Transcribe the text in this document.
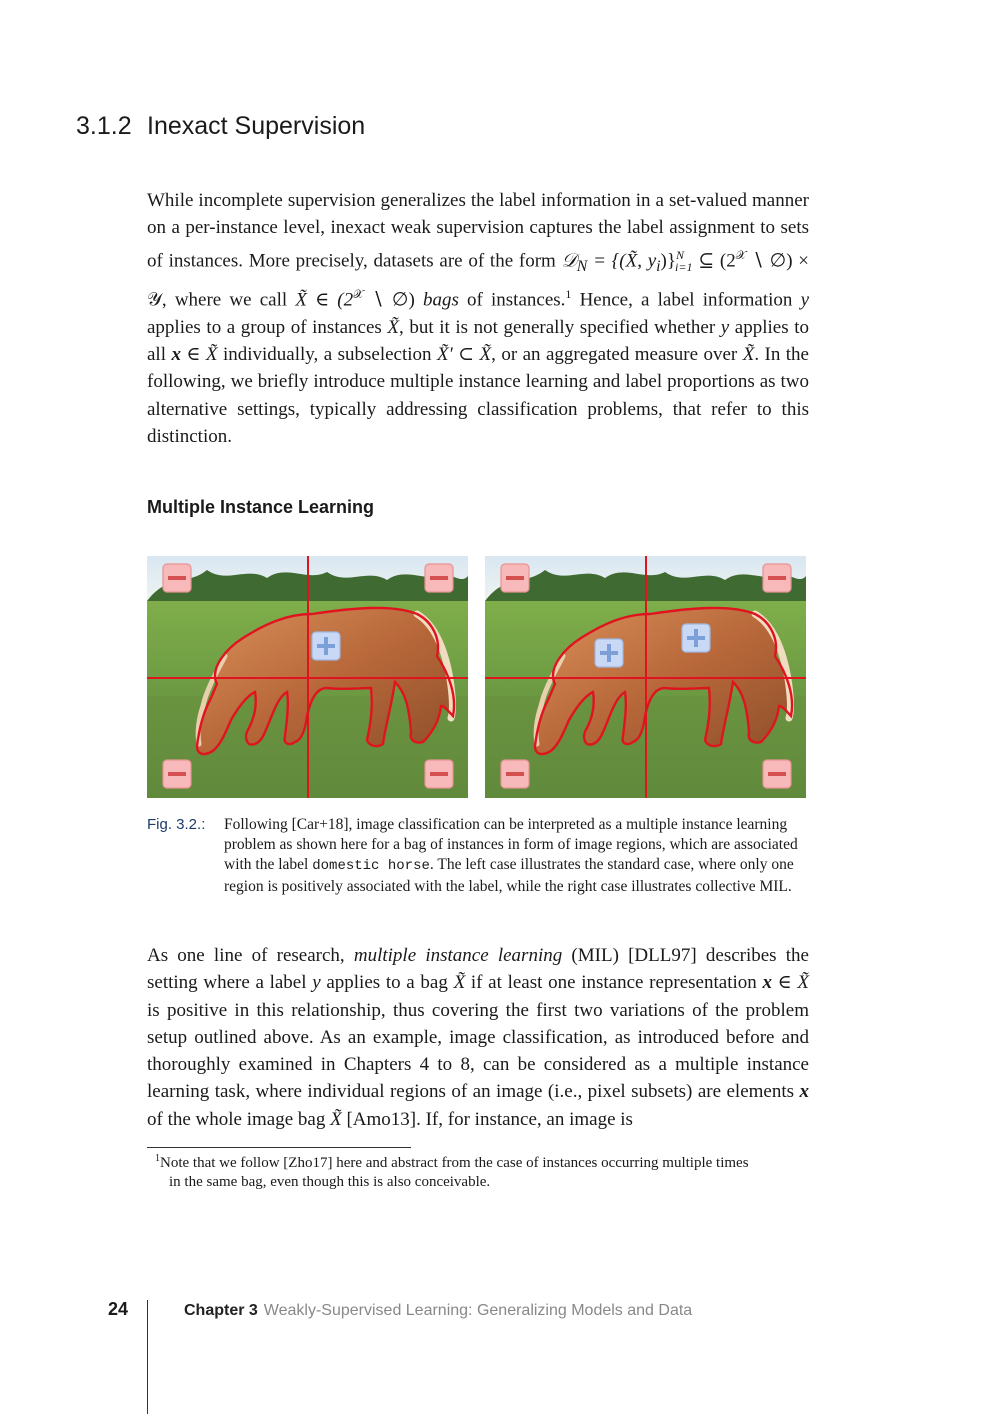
3.1.2 Inexact Supervision

While incomplete supervision generalizes the label information in a set-valued manner on a per-instance level, inexact weak supervision captures the label assignment to sets of instances. More precisely, datasets are of the form 𝒟$_N$ = {(X̃, $y_i)\}^N_{i=1}$ ⊆ ($2^𝒳$ ∖ ∅) × 𝒴, where we call X̃ ∈ ($2^𝒳$ ∖ ∅) bags of instances.$^1$ Hence, a label information y applies to a group of instances X̃, but it is not generally specified whether y applies to all x ∈ X̃ individually, a subselection X̃′ ⊂ X̃, or an aggregated measure over X̃. In the following, we briefly introduce multiple instance learning and label proportions as two alternative settings, typically addressing classification problems, that refer to this distinction.

Multiple Instance Learning
Fig. 3.2.: Following [Car+18], image classification can be interpreted as a multiple instance learning problem as shown here for a bag of instances in form of image regions, which are associated with the label domestic horse. The left case illustrates the standard case, where only one region is positively associated with the label, while the right case illustrates collective MIL.

As one line of research, multiple instance learning (MIL) [DLL97] describes the setting where a label y applies to a bag X̃ if at least one instance representation x ∈ X̃ is positive in this relationship, thus covering the first two variations of the problem setup outlined above. As an example, image classification, as introduced before and thoroughly examined in Chapters 4 to 8, can be considered as a multiple instance learning task, where individual regions of an image (i.e., pixel subsets) are elements x of the whole image bag X̃ [Amo13]. If, for instance, an image is

$^1$Note that we follow [Zho17] here and abstract from the case of instances occurring multiple times
in the same bag, even though this is also conceivable.
24	Chapter 3 Weakly-Supervised Learning: Generalizing Models and Data
